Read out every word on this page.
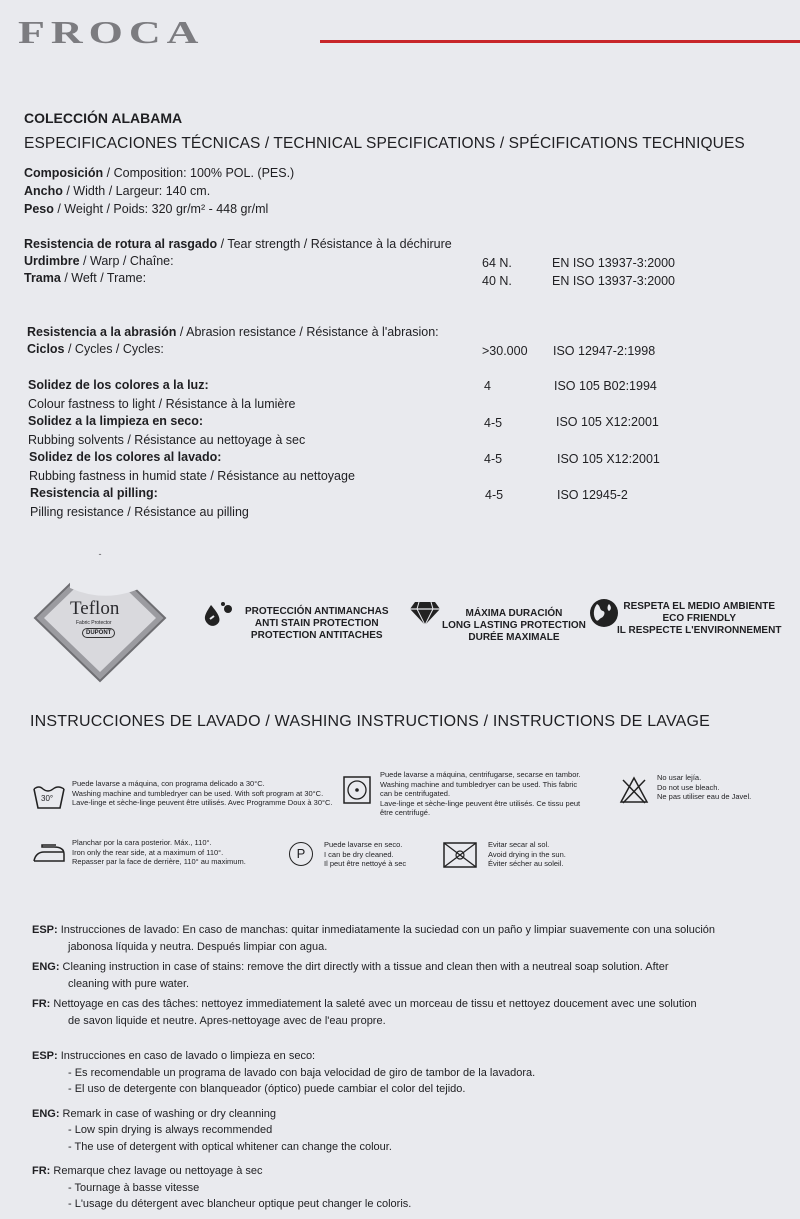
FROCA
COLECCIÓN ALABAMA
ESPECIFICACIONES TÉCNICAS / TECHNICAL SPECIFICATIONS / SPÉCIFICATIONS TECHNIQUES
Composición / Composition: 100% POL. (PES.)
Ancho / Width / Largeur: 140 cm.
Peso / Weight / Poids: 320 gr/m² - 448 gr/ml
Resistencia de rotura al rasgado / Tear strength / Résistance à la déchirure
Urdimbre / Warp / Chaîne:	64 N.	EN ISO 13937-3:2000
Trama / Weft / Trame:	40 N.	EN ISO 13937-3:2000
Resistencia a la abrasión / Abrasion resistance / Résistance à l'abrasion:
Ciclos / Cycles / Cycles:	>30.000 ISO 12947-2:1998
Solidez de los colores a la luz:
Colour fastness to light / Résistance à la lumière
4	ISO 105 B02:1994
Solidez a la limpieza en seco:
Rubbing solvents / Résistance au nettoyage à sec
4-5	ISO 105 X12:2001
Solidez de los colores al lavado:
Rubbing fastness in humid state / Résistance au nettoyage
4-5	ISO 105 X12:2001
Resistencia al pilling:
Pilling resistance / Résistance au pilling
4-5	ISO 12945-2
Teflon
Fabric Protector
DUPONT
PROTECCIÓN ANTIMANCHAS
ANTI STAIN PROTECTION
PROTECTION ANTITACHES
MÁXIMA DURACIÓN
LONG LASTING PROTECTION
DURÉE MAXIMALE
RESPETA EL MEDIO AMBIENTE
ECO FRIENDLY
IL RESPECTE L'ENVIRONNEMENT
INSTRUCCIONES DE LAVADO / WASHING INSTRUCTIONS / INSTRUCTIONS DE LAVAGE
30°
Puede lavarse a máquina, con programa delicado a 30°C.
Washing machine and tumbledryer can be used. With soft program at 30°C.
Lave-linge et sèche-linge peuvent être utilisés. Avec Programme Doux à 30°C.
Puede lavarse a máquina, centrifugarse, secarse en tambor.
Washing machine and tumbledryer can be used. This fabric
can be centrifugated.
Lave-linge et sèche-linge peuvent être utilisés. Ce tissu peut
être centrifugé.
No usar lejía.
Do not use bleach.
Ne pas utiliser eau de Javel.
Planchar por la cara posterior. Máx., 110°.
Iron only the rear side, at a maximum of 110°.
Repasser par la face de derrière, 110° au maximum.
P
Puede lavarse en seco.
I can be dry cleaned.
Il peut être nettoyé à sec
Evitar secar al sol.
Avoid drying in the sun.
Éviter sécher au soleil.
ESP: Instrucciones de lavado: En caso de manchas: quitar inmediatamente la suciedad con un paño y limpiar suavemente con una solución
jabonosa líquida y neutra. Después limpiar con agua.
ENG: Cleaning instruction in case of stains: remove the dirt directly with a tissue and clean then with a neutreal soap solution. After
cleaning with pure water.
FR: Nettoyage en cas des tâches: nettoyez immediatement la saleté avec un morceau de tissu et nettoyez doucement avec une solution
de savon liquide et neutre. Apres-nettoyage avec de l'eau propre.
ESP: Instrucciones en caso de lavado o limpieza en seco:
- Es recomendable un programa de lavado con baja velocidad de giro de tambor de la lavadora.
- El uso de detergente con blanqueador (óptico) puede cambiar el color del tejido.
ENG: Remark in case of washing or dry cleanning
- Low spin drying is always recommended
- The use of detergent with optical whitener can change the colour.
FR: Remarque chez lavage ou nettoyage à sec
- Tournage à basse vitesse
- L'usage du détergent avec blancheur optique peut changer le coloris.
